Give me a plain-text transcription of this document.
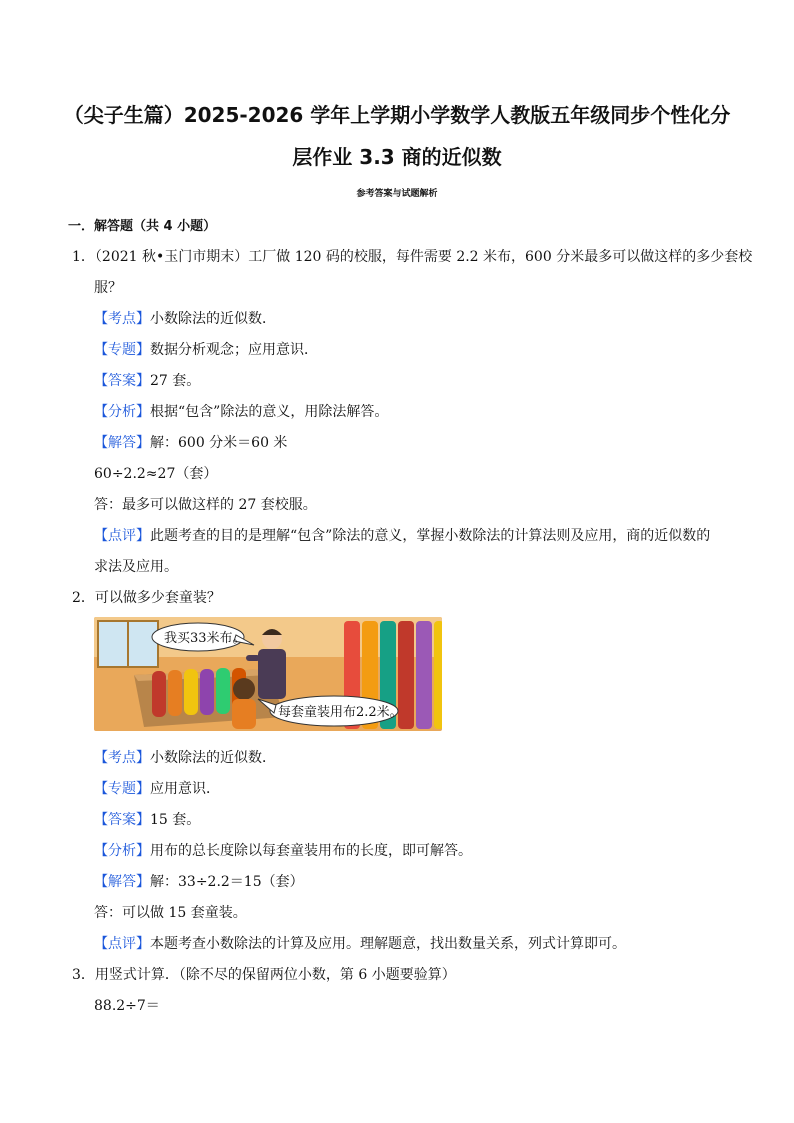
（尖子生篇）2025-2026 学年上学期小学数学人教版五年级同步个性化分
层作业 3.3 商的近似数
参考答案与试题解析
一．解答题（共 4 小题）
1．（2021 秋•玉门市期末）工厂做 120 码的校服，每件需要 2.2 米布，600 分米最多可以做这样的多少套校
服？
【考点】小数除法的近似数．
【专题】数据分析观念；应用意识．
【答案】27 套。
【分析】根据“包含”除法的意义，用除法解答。
【解答】解：600 分米＝60 米
60÷2.2≈27（套）
答：最多可以做这样的 27 套校服。
【点评】此题考查的目的是理解“包含”除法的意义，掌握小数除法的计算法则及应用，商的近似数的
求法及应用。
2．可以做多少套童装？
我买33米布。
每套童装用布2.2米。
【考点】小数除法的近似数．
【专题】应用意识．
【答案】15 套。
【分析】用布的总长度除以每套童装用布的长度，即可解答。
【解答】解：33÷2.2＝15（套）
答：可以做 15 套童装。
【点评】本题考查小数除法的计算及应用。理解题意，找出数量关系，列式计算即可。
3．用竖式计算．（除不尽的保留两位小数，第 6 小题要验算）
88.2÷7＝
